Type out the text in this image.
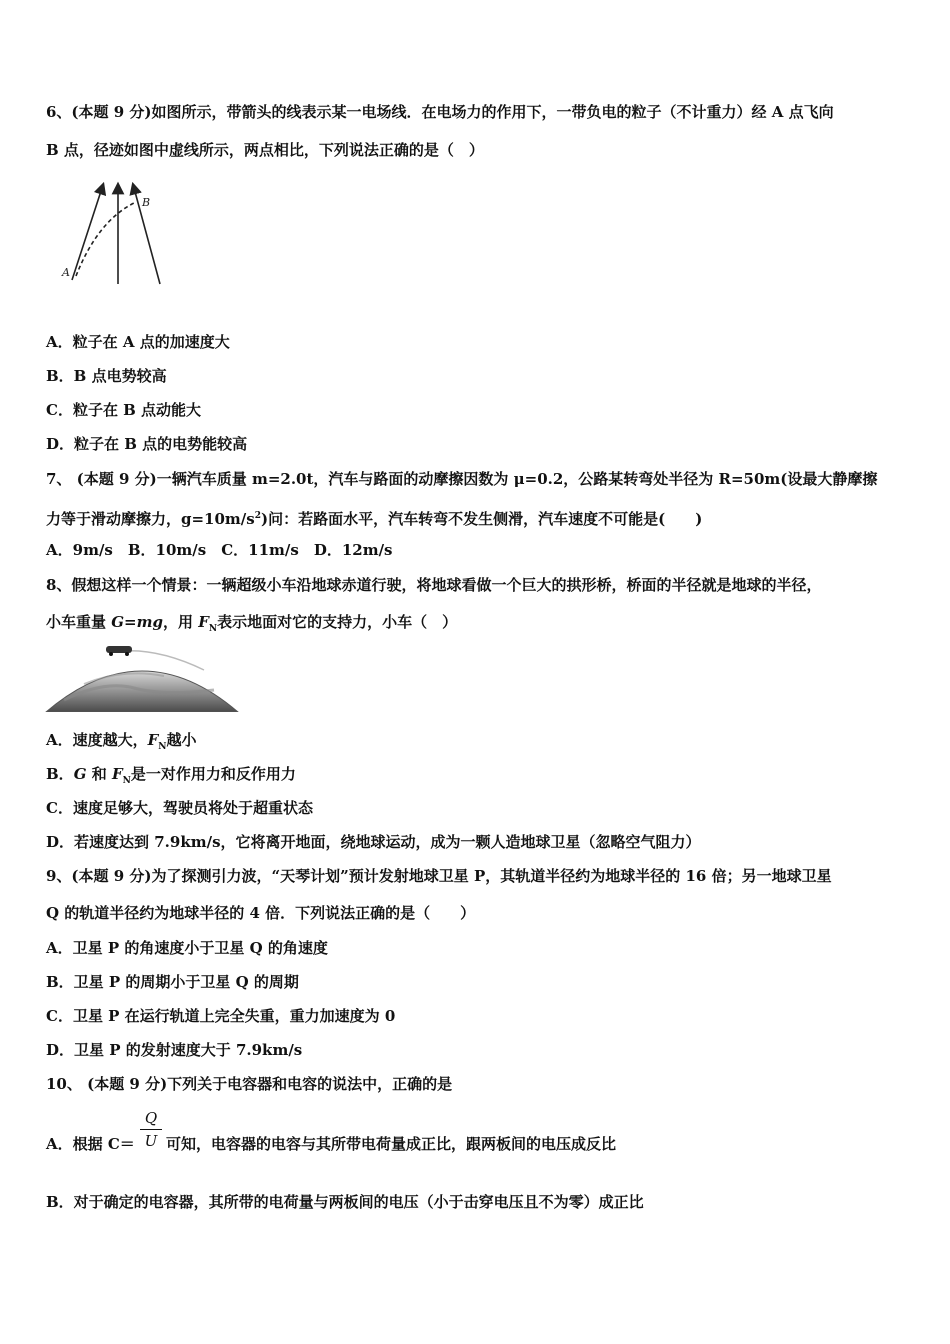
6、(本题 9 分)如图所示，带箭头的线表示某一电场线．在电场力的作用下，一带负电的粒子（不计重力）经 A 点飞向
B 点，径迹如图中虚线所示，两点相比，下列说法正确的是（　）
A
B
A．粒子在 A 点的加速度大
B．B 点电势较高
C．粒子在 B 点动能大
D．粒子在 B 点的电势能较高
7、 (本题 9 分)一辆汽车质量 m=2.0t，汽车与路面的动摩擦因数为 μ=0.2，公路某转弯处半径为 R=50m(设最大静摩擦
力等于滑动摩擦力，$g=10m/s^2$)问：若路面水平，汽车转弯不发生侧滑，汽车速度不可能是(　　)
A．9m/s　B．10m/s　C．11m/s　D．12m/s
8、假想这样一个情景：一辆超级小车沿地球赤道行驶，将地球看做一个巨大的拱形桥，桥面的半径就是地球的半径，
小车重量 G=mg，用 $F_N$表示地面对它的支持力，小车（　）
A．速度越大，$F_N$越小
B．G 和 $F_N$是一对作用力和反作用力
C．速度足够大，驾驶员将处于超重状态
D．若速度达到 7.9km/s，它将离开地面，绕地球运动，成为一颗人造地球卫星（忽略空气阻力）
9、(本题 9 分)为了探测引力波，“天琴计划”预计发射地球卫星 P，其轨道半径约为地球半径的 16 倍；另一地球卫星
Q 的轨道半径约为地球半径的 4 倍．下列说法正确的是（　　）
A．卫星 P 的角速度小于卫星 Q 的角速度
B．卫星 P 的周期小于卫星 Q 的周期
C．卫星 P 在运行轨道上完全失重，重力加速度为 0
D．卫星 P 的发射速度大于 7.9km/s
10、 (本题 9 分)下列关于电容器和电容的说法中，正确的是
A．根据 C＝
Q
U 可知，电容器的电容与其所带电荷量成正比，跟两板间的电压成反比
B．对于确定的电容器，其所带的电荷量与两板间的电压（小于击穿电压且不为零）成正比
